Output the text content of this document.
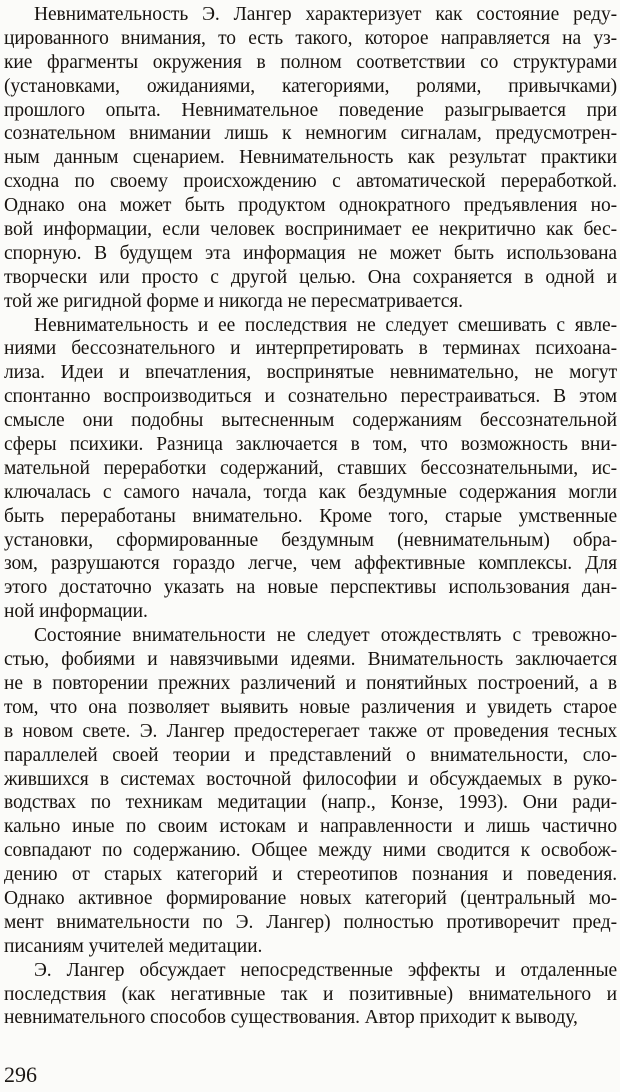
Невнимательность Э. Лангер характеризует как состояние реду-
цированного внимания, то есть такого, которое направляется на уз-
кие фрагменты окружения в полном соответствии со структурами
(установками, ожиданиями, категориями, ролями, привычками)
прошлого опыта. Невнимательное поведение разыгрывается при
сознательном внимании лишь к немногим сигналам, предусмотрен-
ным данным сценарием. Невнимательность как результат практики
сходна по своему происхождению с автоматической переработкой.
Однако она может быть продуктом однократного предъявления но-
вой информации, если человек воспринимает ее некритично как бес-
спорную. В будущем эта информация не может быть использована
творчески или просто с другой целью. Она сохраняется в одной и
той же ригидной форме и никогда не пересматривается.

Невнимательность и ее последствия не следует смешивать с явле-
ниями бессознательного и интерпретировать в терминах психоана-
лиза. Идеи и впечатления, воспринятые невнимательно, не могут
спонтанно воспроизводиться и сознательно перестраиваться. В этом
смысле они подобны вытесненным содержаниям бессознательной
сферы психики. Разница заключается в том, что возможность вни-
мательной переработки содержаний, ставших бессознательными, ис-
ключалась с самого начала, тогда как бездумные содержания могли
быть переработаны внимательно. Кроме того, старые умственные
установки, сформированные бездумным (невнимательным) обра-
зом, разрушаются гораздо легче, чем аффективные комплексы. Для
этого достаточно указать на новые перспективы использования дан-
ной информации.

Состояние внимательности не следует отождествлять с тревожно-
стью, фобиями и навязчивыми идеями. Внимательность заключается
не в повторении прежних различений и понятийных построений, а в
том, что она позволяет выявить новые различения и увидеть старое
в новом свете. Э. Лангер предостерегает также от проведения тесных
параллелей своей теории и представлений о внимательности, сло-
жившихся в системах восточной философии и обсуждаемых в руко-
водствах по техникам медитации (напр., Конзе, 1993). Они ради-
кально иные по своим истокам и направленности и лишь частично
совпадают по содержанию. Общее между ними сводится к освобож-
дению от старых категорий и стереотипов познания и поведения.
Однако активное формирование новых категорий (центральный мо-
мент внимательности по Э. Лангер) полностью противоречит пред-
писаниям учителей медитации.

Э. Лангер обсуждает непосредственные эффекты и отдаленные
последствия (как негативные так и позитивные) внимательного и
невнимательного способов существования. Автор приходит к выводу,

296
